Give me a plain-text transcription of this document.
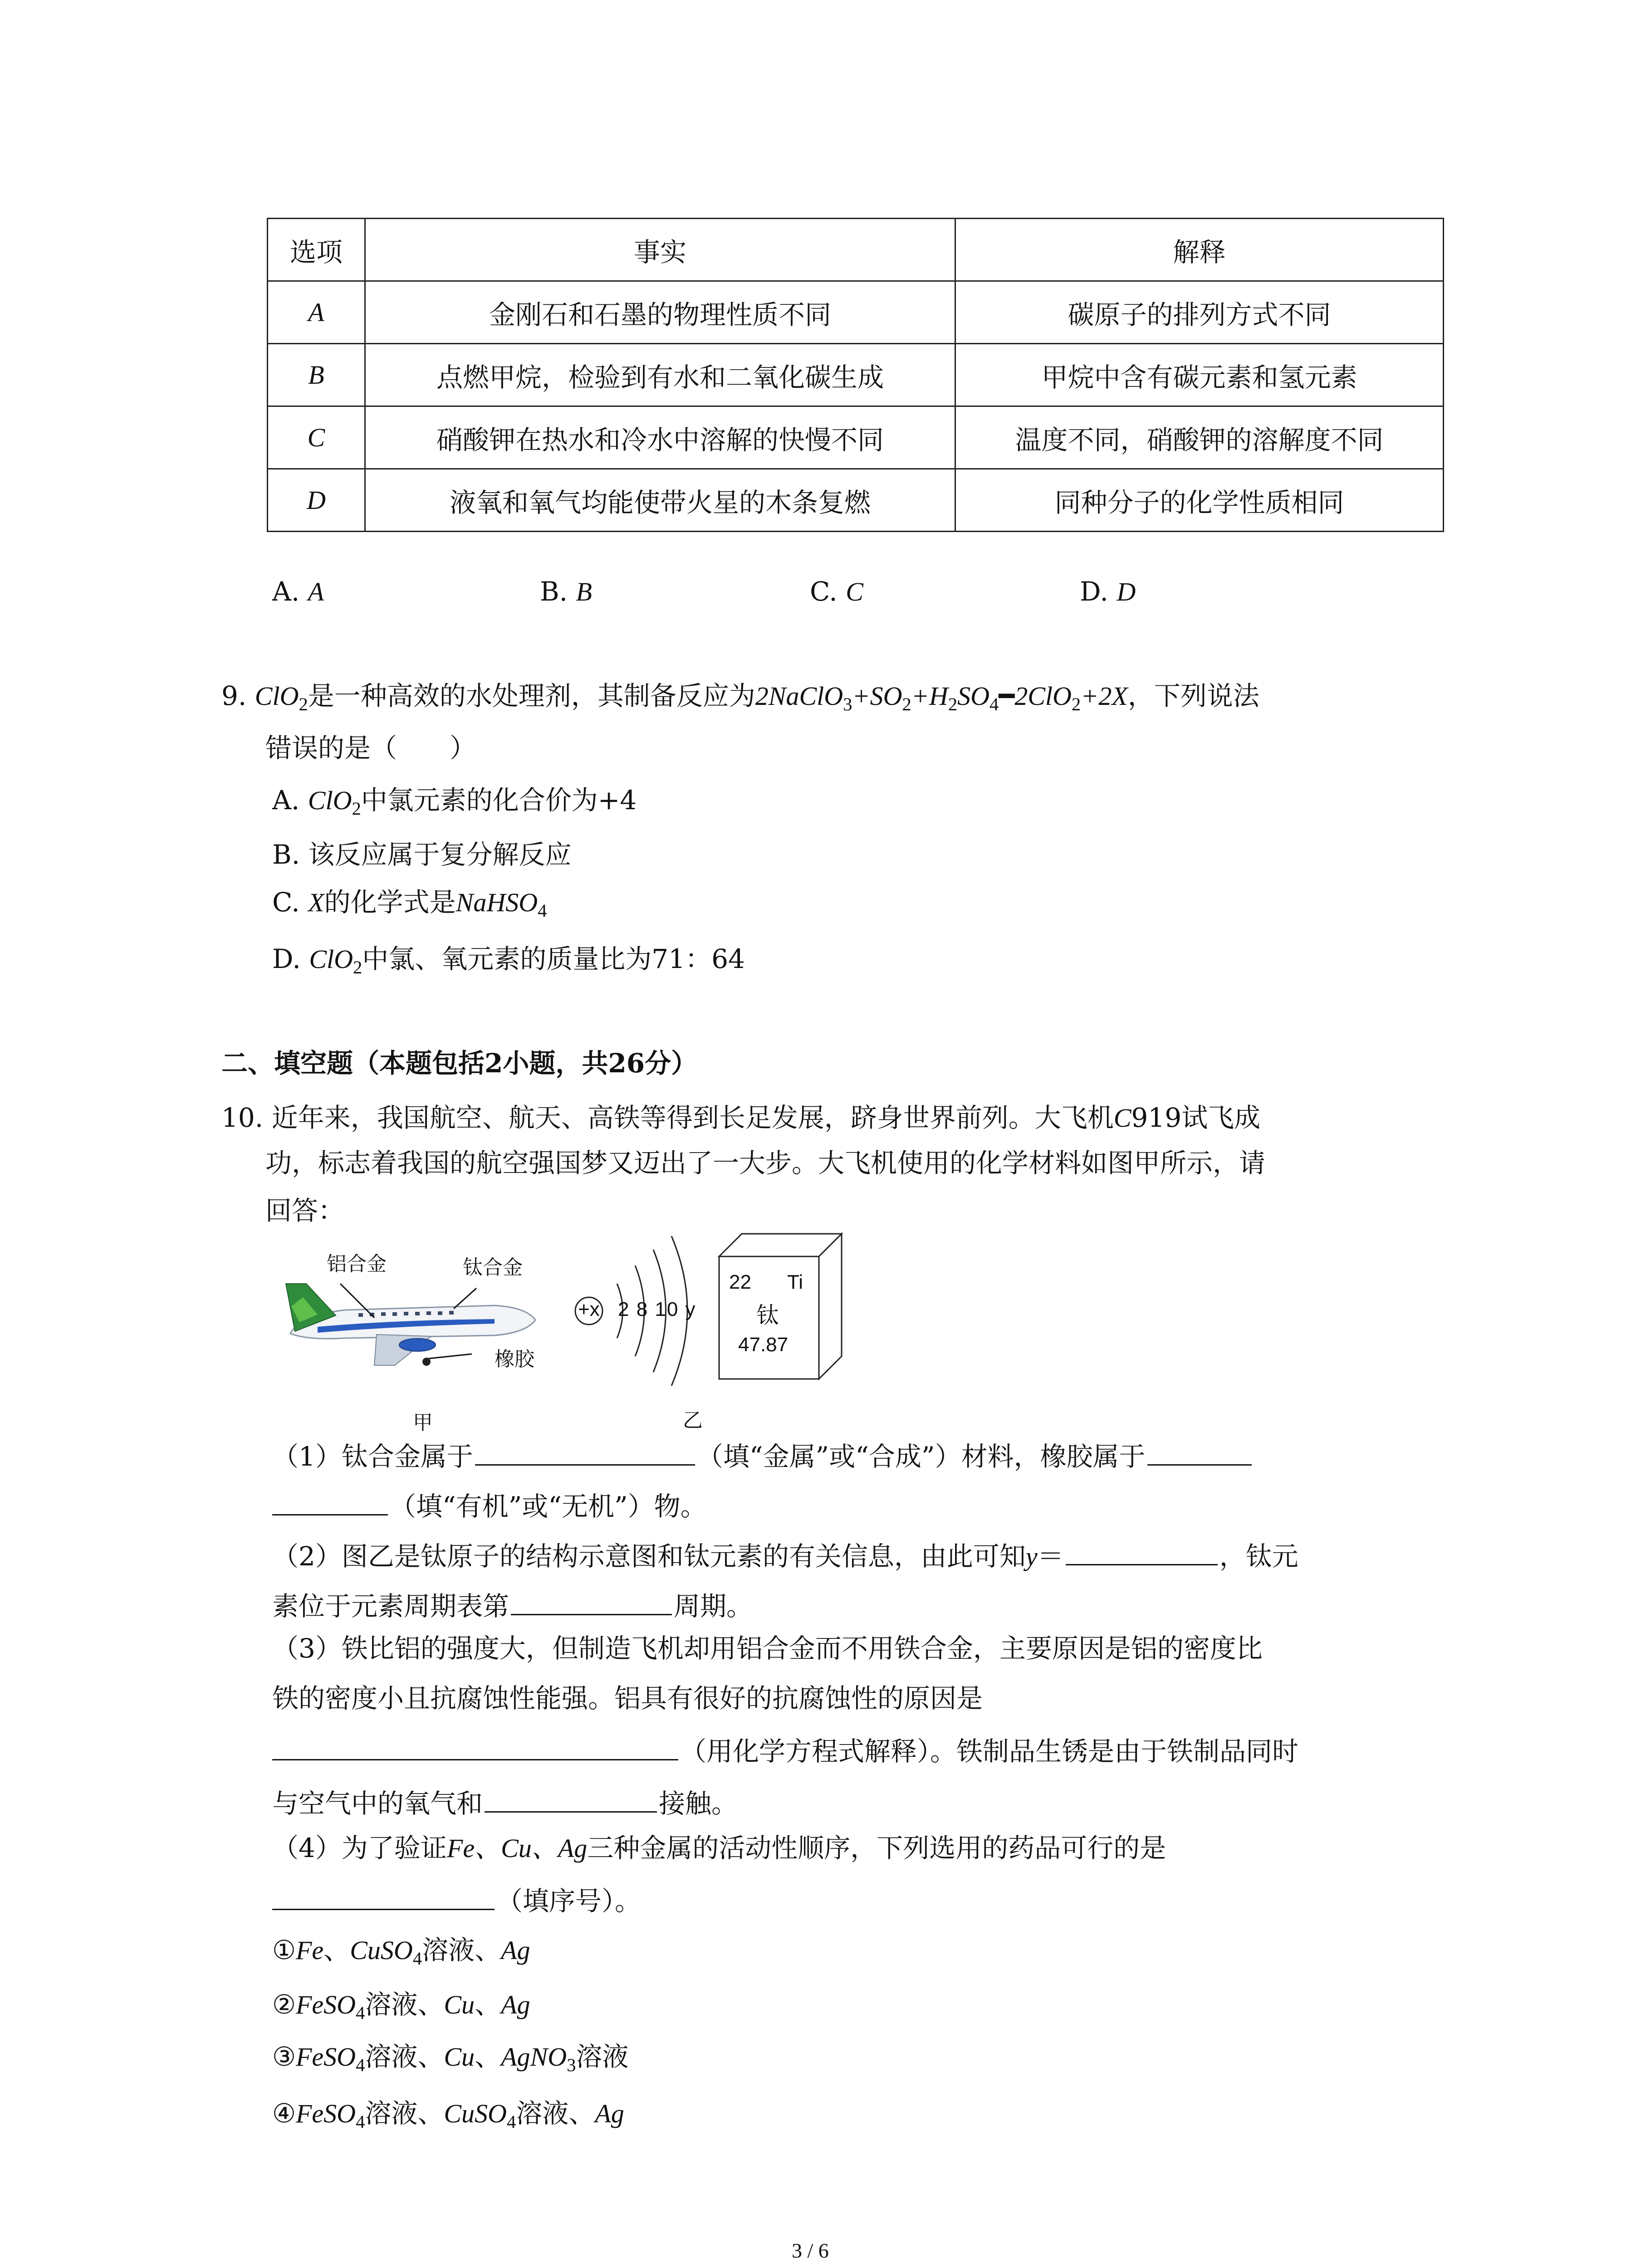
选项	事实	解释
A	金刚石和石墨的物理性质不同	碳原子的排列方式不同
B	点燃甲烷，检验到有水和二氧化碳生成	甲烷中含有碳元素和氢元素
C	硝酸钾在热水和冷水中溶解的快慢不同	温度不同，硝酸钾的溶解度不同
D	液氧和氧气均能使带火星的木条复燃	同种分子的化学性质相同
A. A	B. B	C. C	D. D
9. ClO$_2$是一种高效的水处理剂，其制备反应为$2NaClO_3+SO_2+H_2SO_4━2ClO_2+2X$，下列说法
错误的是（　　）
A. ClO$_2$中氯元素的化合价为+4
B. 该反应属于复分解反应
C. X的化学式是NaHSO$_4$
D. ClO$_2$中氯、氧元素的质量比为71：64
二、填空题（本题包括2小题，共26分）
10. 近年来，我国航空、航天、高铁等得到长足发展，跻身世界前列。大飞机C919试飞成
功，标志着我国的航空强国梦又迈出了一大步。大飞机使用的化学材料如图甲所示，请
回答：
铝合金	钛合金
橡胶
+x 2 8 10 y
22 Ti
钛
47.87
甲	乙
（1）钛合金属于	（填“金属”或“合成”）材料，橡胶属于
（填“有机”或“无机”）物。
（2）图乙是钛原子的结构示意图和钛元素的有关信息，由此可知y＝	，钛元
素位于元素周期表第	周期。
（3）铁比铝的强度大，但制造飞机却用铝合金而不用铁合金，主要原因是铝的密度比
铁的密度小且抗腐蚀性能强。铝具有很好的抗腐蚀性的原因是
（用化学方程式解释）。铁制品生锈是由于铁制品同时
与空气中的氧气和	接触。
（4）为了验证Fe、Cu、Ag三种金属的活动性顺序，下列选用的药品可行的是
（填序号）。
①Fe、CuSO$_4$溶液、Ag
②FeSO$_4$溶液、Cu、Ag
③FeSO$_4$溶液、Cu、AgNO$_3$溶液
④FeSO$_4$溶液、CuSO$_4$溶液、Ag
3 / 6
